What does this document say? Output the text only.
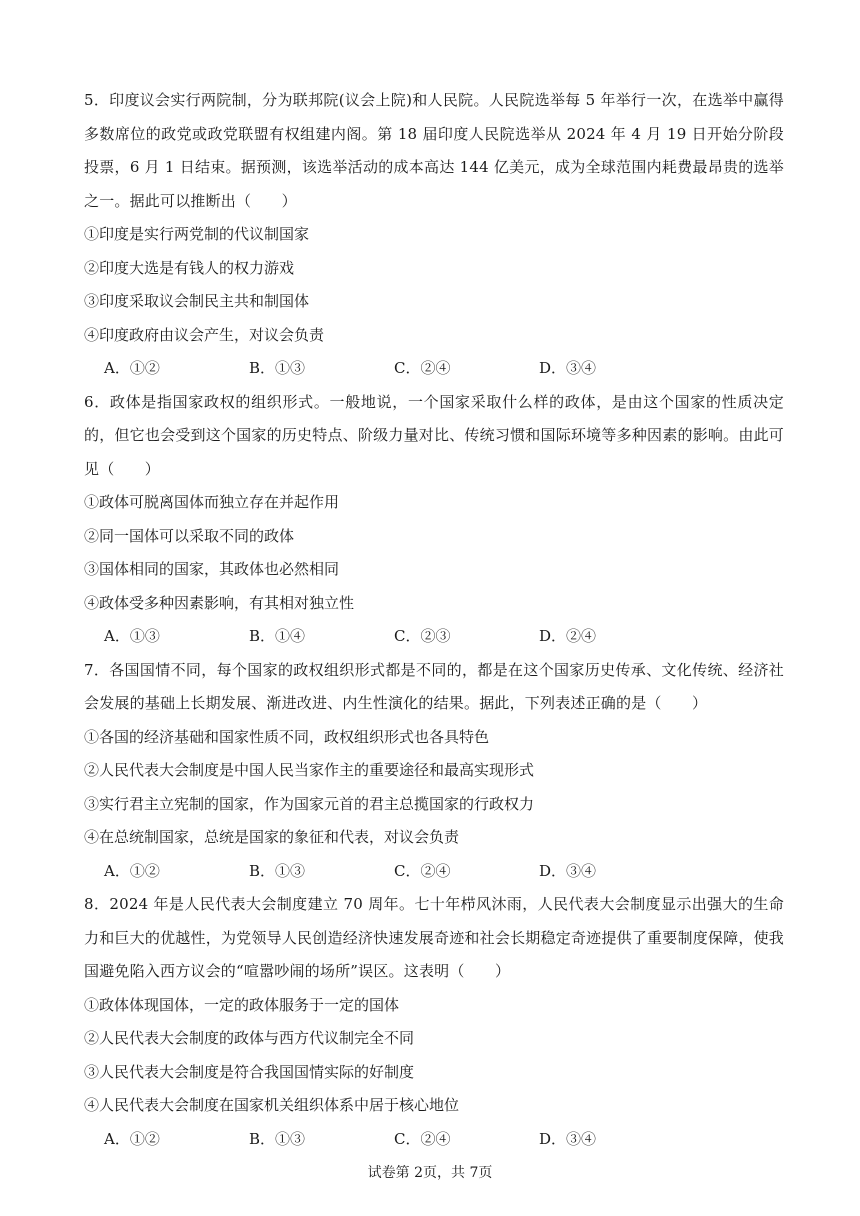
5．印度议会实行两院制，分为联邦院(议会上院)和人民院。人民院选举每 5 年举行一次，在选举中赢得多数席位的政党或政党联盟有权组建内阁。第 18 届印度人民院选举从 2024 年 4 月 19 日开始分阶段投票，6 月 1 日结束。据预测，该选举活动的成本高达 144 亿美元，成为全球范围内耗费最昂贵的选举之一。据此可以推断出（　　）
①印度是实行两党制的代议制国家
②印度大选是有钱人的权力游戏
③印度采取议会制民主共和制国体
④印度政府由议会产生，对议会负责
A．①②	B．①③	C．②④	D．③④
6．政体是指国家政权的组织形式。一般地说，一个国家采取什么样的政体，是由这个国家的性质决定的，但它也会受到这个国家的历史特点、阶级力量对比、传统习惯和国际环境等多种因素的影响。由此可见（　　）
①政体可脱离国体而独立存在并起作用
②同一国体可以采取不同的政体
③国体相同的国家，其政体也必然相同
④政体受多种因素影响，有其相对独立性
A．①③	B．①④	C．②③	D．②④
7．各国国情不同，每个国家的政权组织形式都是不同的，都是在这个国家历史传承、文化传统、经济社会发展的基础上长期发展、渐进改进、内生性演化的结果。据此，下列表述正确的是（　　）
①各国的经济基础和国家性质不同，政权组织形式也各具特色
②人民代表大会制度是中国人民当家作主的重要途径和最高实现形式
③实行君主立宪制的国家，作为国家元首的君主总揽国家的行政权力
④在总统制国家，总统是国家的象征和代表，对议会负责
A．①②	B．①③	C．②④	D．③④
8．2024 年是人民代表大会制度建立 70 周年。七十年栉风沐雨，人民代表大会制度显示出强大的生命力和巨大的优越性，为党领导人民创造经济快速发展奇迹和社会长期稳定奇迹提供了重要制度保障，使我国避免陷入西方议会的“喧嚣吵闹的场所”误区。这表明（　　）
①政体体现国体，一定的政体服务于一定的国体
②人民代表大会制度的政体与西方代议制完全不同
③人民代表大会制度是符合我国国情实际的好制度
④人民代表大会制度在国家机关组织体系中居于核心地位
A．①②	B．①③	C．②④	D．③④
试卷第 2页，共 7页
